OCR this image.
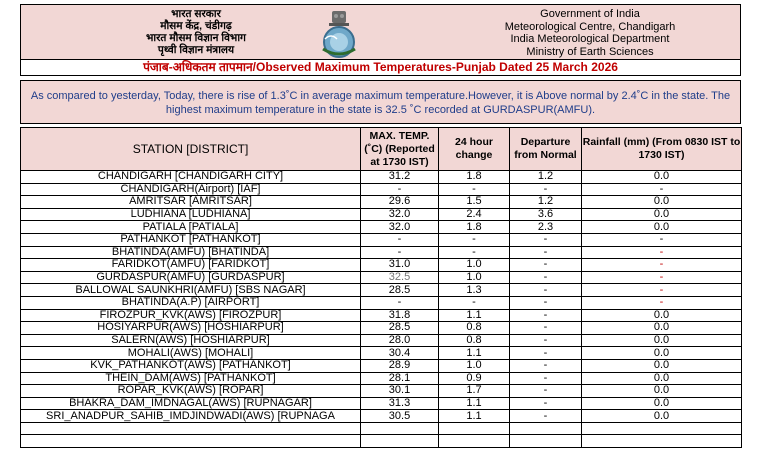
भारत सरकार
मौसम केंद्र, चंडीगढ़
भारत मौसम विज्ञान विभाग
पृथ्वी विज्ञान मंत्रालय
Government of India
Meteorological Centre, Chandigarh
India Meteorological Department
Ministry of Earth Sciences
पंजाब-अधिकतम तापमान/Observed Maximum Temperatures-Punjab Dated 25 March 2026
As compared to yesterday, Today, there is rise of 1.3˚C in average maximum temperature.However, it is Above normal by 2.4˚C in the state. The highest maximum temperature in the state is 32.5 ˚C recorded at GURDASPUR(AMFU).
STATION [DISTRICT]	MAX. TEMP.(˚C) (Reported at 1730 IST)	24 hour change	Departure from Normal	Rainfall (mm) (From 0830 IST to 1730 IST)
CHANDIGARH [CHANDIGARH CITY]	31.2	1.8	1.2	0.0
CHANDIGARH(Airport) [IAF]	-	-	-	-
AMRITSAR [AMRITSAR]	29.6	1.5	1.2	0.0
LUDHIANA [LUDHIANA]	32.0	2.4	3.6	0.0
PATIALA [PATIALA]	32.0	1.8	2.3	0.0
PATHANKOT [PATHANKOT]	-	-	-	-
BHATINDA(AMFU) [BHATINDA]	-	-	-	-
FARIDKOT(AMFU) [FARIDKOT]	31.0	1.0	-	-
GURDASPUR(AMFU) [GURDASPUR]	32.5	1.0	-	-
BALLOWAL SAUNKHRI(AMFU) [SBS NAGAR]	28.5	1.3	-	-
BHATINDA(A.P) [AIRPORT]	-	-	-	-
FIROZPUR_KVK(AWS) [FIROZPUR]	31.8	1.1	-	0.0
HOSIYARPUR(AWS) [HOSHIARPUR]	28.5	0.8	-	0.0
SALERN(AWS) [HOSHIARPUR]	28.0	0.8	-	0.0
MOHALI(AWS) [MOHALI]	30.4	1.1	-	0.0
KVK_PATHANKOT(AWS) [PATHANKOT]	28.9	1.0	-	0.0
THEIN_DAM(AWS) [PATHANKOT]	28.1	0.9	-	0.0
ROPAR_KVK(AWS) [ROPAR]	30.1	1.7	-	0.0
BHAKRA_DAM_IMDNAGAL(AWS) [RUPNAGAR]	31.3	1.1	-	0.0
SRI_ANADPUR_SAHIB_IMDJINDWADI(AWS) [RUPNAGA	30.5	1.1	-	0.0
